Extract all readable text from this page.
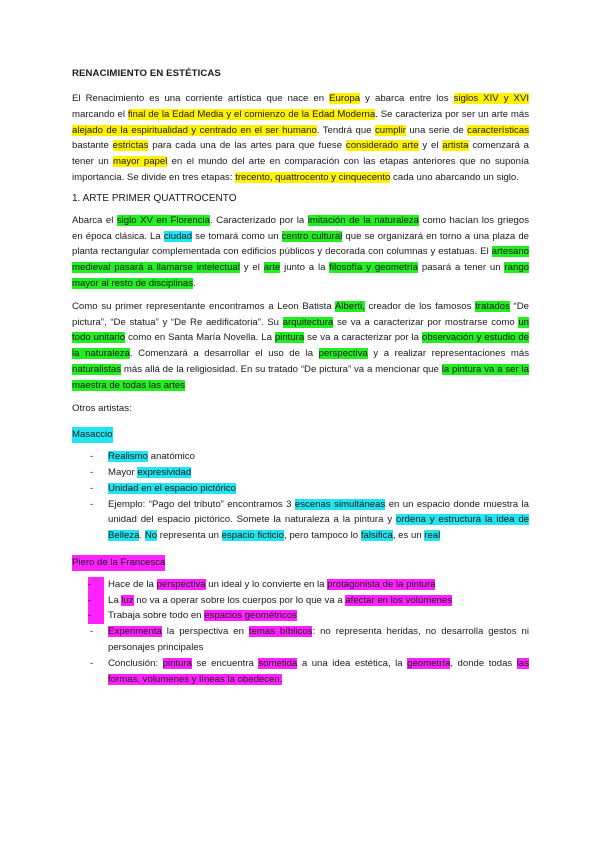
RENACIMIENTO EN ESTÉTICAS

El Renacimiento es una corriente artística que nace en Europa y abarca entre los siglos XIV y XVI marcando el final de la Edad Media y el comienzo de la Edad Moderna. Se caracteriza por ser un arte más alejado de la espiritualidad y centrado en el ser humano. Tendrá que cumplir una serie de características bastante estrictas para cada una de las artes para que fuese considerado arte y el artista comenzará a tener un mayor papel en el mundo del arte en comparación con las etapas anteriores que no suponía importancia. Se divide en tres etapas: trecento, quattrocento y cinquecento cada uno abarcando un siglo.

1. ARTE PRIMER QUATTROCENTO

Abarca el siglo XV en Florencia. Caracterizado por la imitación de la naturaleza como hacían los griegos en época clásica. La ciudad se tomará como un centro cultural que se organizará en torno a una plaza de planta rectangular complementada con edificios públicos y decorada con columnas y estatuas. El artesano medieval pasará a llamarse intelectual y el arte junto a la filosofía y geometría pasará a tener un rango mayor al resto de disciplinas.

Como su primer representante encontramos a Leon Batista Alberti, creador de los famosos tratados “De pictura”, “De statua” y “De Re aedificatoria”. Su arquitectura se va a caracterizar por mostrarse como un todo unitario como en Santa María Novella. La pintura se va a caracterizar por la observación y estudio de la naturaleza. Comenzará a desarrollar el uso de la perspectiva y a realizar representaciones más naturalistas más allá de la religiosidad. En su tratado “De pictura” va a mencionar que la pintura va a ser la maestra de todas las artes

Otros artistas:

Masaccio
- Realismo anatómico
- Mayor expresividad
- Unidad en el espacio pictórico
- Ejemplo: “Pago del tributo” encontramos 3 escenas simultáneas en un espacio donde muestra la unidad del espacio pictórico. Somete la naturaleza a la pintura y ordena y estructura la idea de Belleza. No representa un espacio ficticio, pero tampoco lo falsifica, es un real
Piero de la Francesca
-	Hace de la perspectiva un ideal y lo convierte en la protagonista de la pintura
-	La luz no va a operar sobre los cuerpos por lo que va a afectar en los volúmenes
-	Trabaja sobre todo en espacios geométricos
- Experimenta la perspectiva en temas bíblicos: no representa heridas, no desarrolla gestos ni personajes principales
- Conclusión: pintura se encuentra sometida a una idea estética, la geometría, donde todas las formas, volumenes y líneas la obedecen.
